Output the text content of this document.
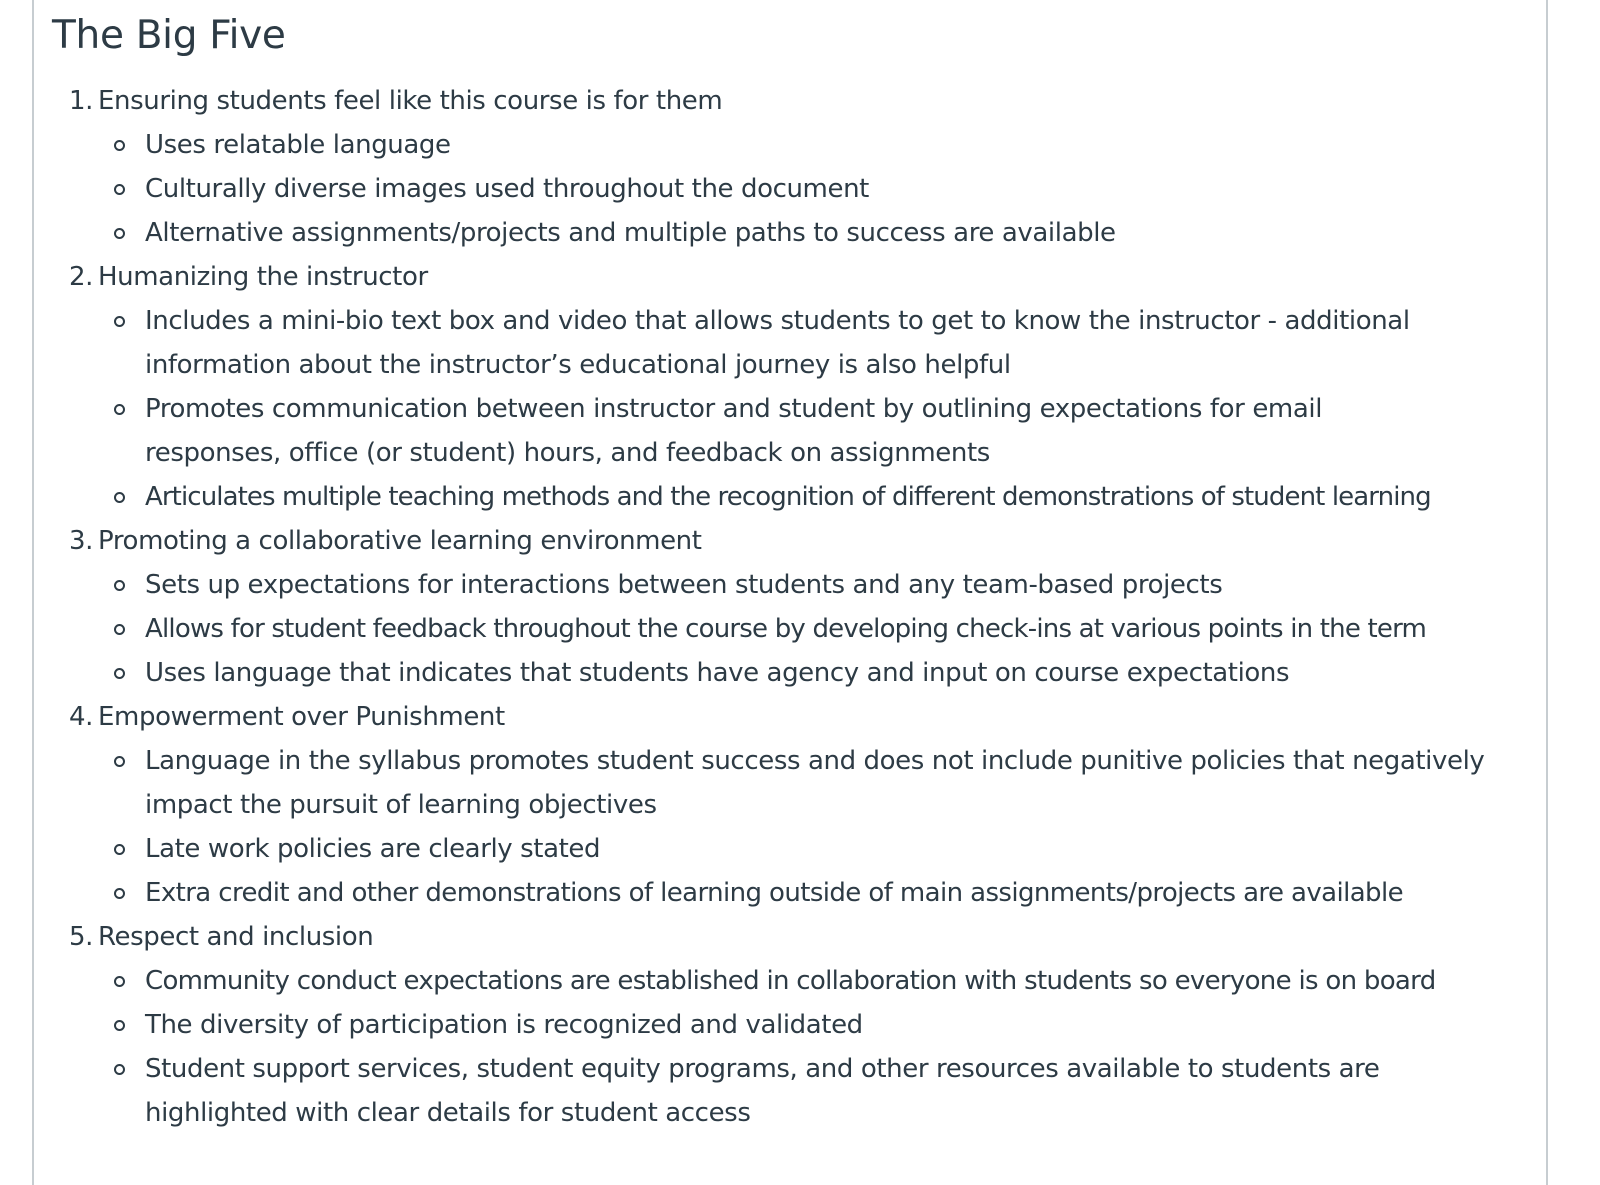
The Big Five
1. Ensuring students feel like this course is for them
Uses relatable language
Culturally diverse images used throughout the document
Alternative assignments/projects and multiple paths to success are available
2. Humanizing the instructor
Includes a mini-bio text box and video that allows students to get to know the instructor - additional information about the instructor’s educational journey is also helpful
Promotes communication between instructor and student by outlining expectations for email responses, office (or student) hours, and feedback on assignments
Articulates multiple teaching methods and the recognition of different demonstrations of student learning
3. Promoting a collaborative learning environment
Sets up expectations for interactions between students and any team-based projects
Allows for student feedback throughout the course by developing check-ins at various points in the term
Uses language that indicates that students have agency and input on course expectations
4. Empowerment over Punishment
Language in the syllabus promotes student success and does not include punitive policies that negatively impact the pursuit of learning objectives
Late work policies are clearly stated
Extra credit and other demonstrations of learning outside of main assignments/projects are available
5. Respect and inclusion
Community conduct expectations are established in collaboration with students so everyone is on board
The diversity of participation is recognized and validated
Student support services, student equity programs, and other resources available to students are highlighted with clear details for student access
